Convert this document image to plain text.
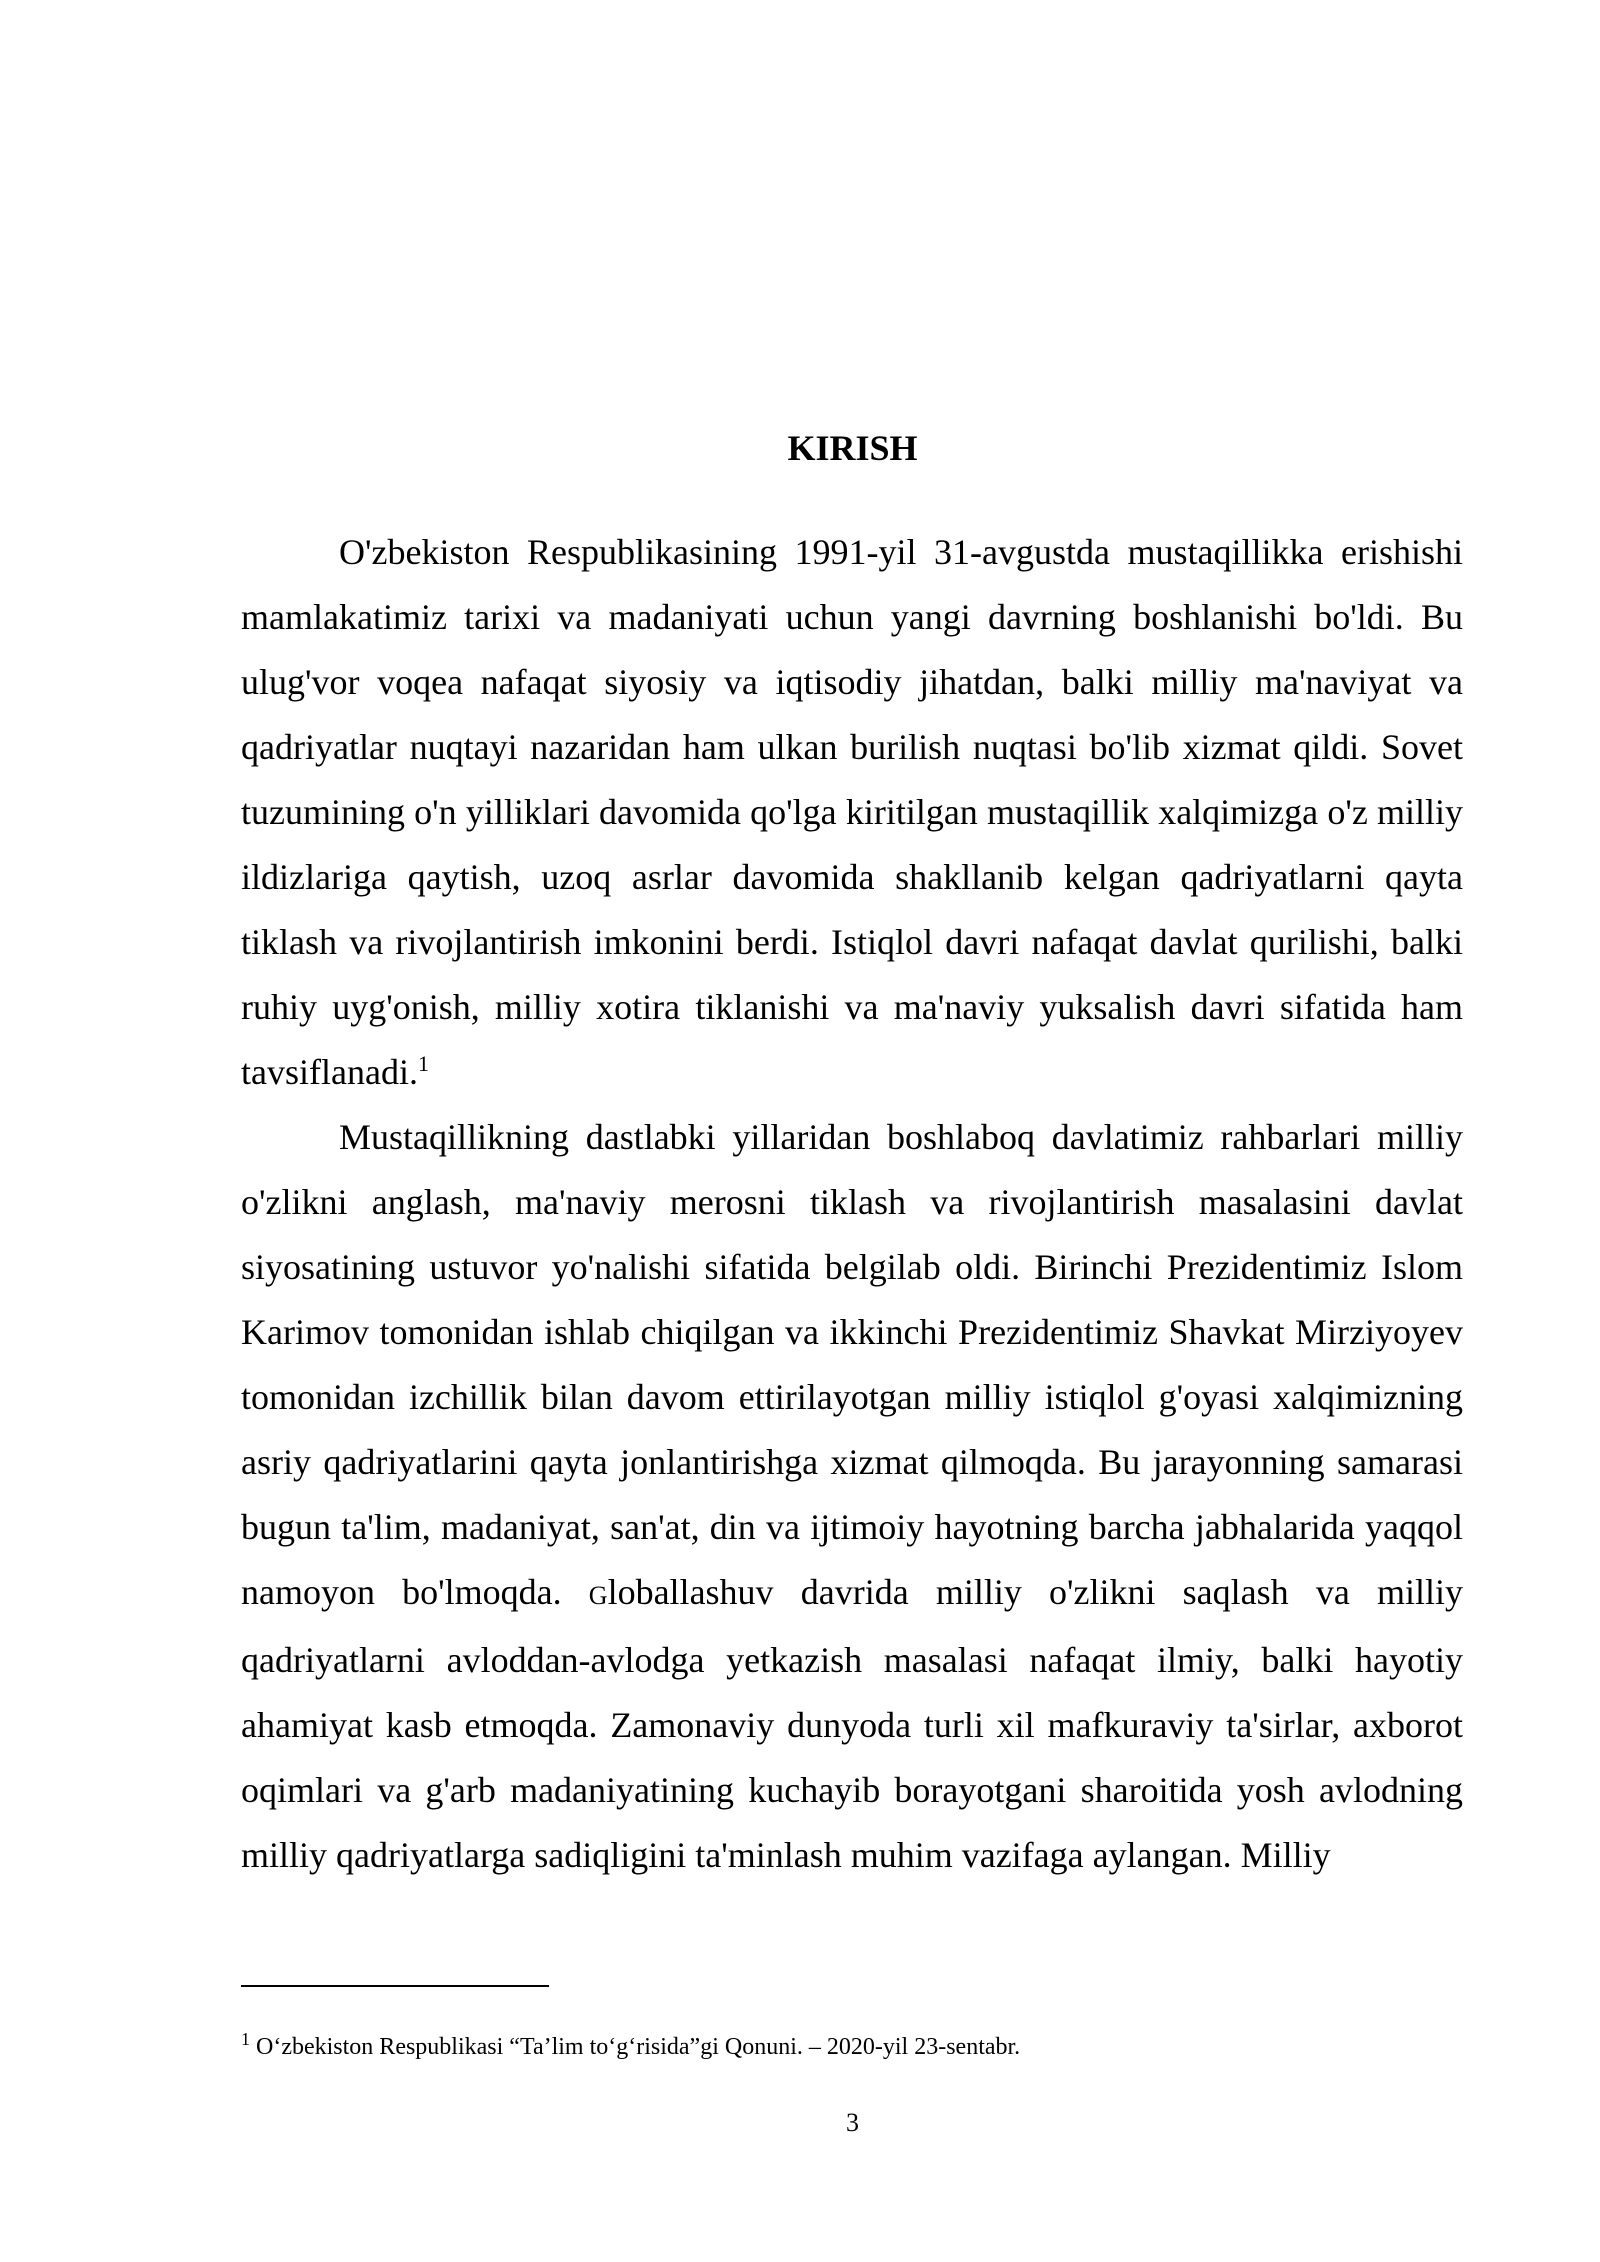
KIRISH

O'zbekiston Respublikasining 1991-yil 31-avgustda mustaqillikka erishishi mamlakatimiz tarixi va madaniyati uchun yangi davrning boshlanishi bo'ldi. Bu ulug'vor voqea nafaqat siyosiy va iqtisodiy jihatdan, balki milliy ma'naviyat va qadriyatlar nuqtayi nazaridan ham ulkan burilish nuqtasi bo'lib xizmat qildi. Sovet tuzumining o'n yilliklari davomida qo'lga kiritilgan mustaqillik xalqimizga o'z milliy ildizlariga qaytish, uzoq asrlar davomida shakllanib kelgan qadriyatlarni qayta tiklash va rivojlantirish imkonini berdi. Istiqlol davri nafaqat davlat qurilishi, balki ruhiy uyg'onish, milliy xotira tiklanishi va ma'naviy yuksalish davri sifatida ham tavsiflanadi.$^1$

Mustaqillikning dastlabki yillaridan boshlaboq davlatimiz rahbarlari milliy o'zlikni anglash, ma'naviy merosni tiklash va rivojlantirish masalasini davlat siyosatining ustuvor yo'nalishi sifatida belgilab oldi. Birinchi Prezidentimiz Islom Karimov tomonidan ishlab chiqilgan va ikkinchi Prezidentimiz Shavkat Mirziyoyev tomonidan izchillik bilan davom ettirilayotgan milliy istiqlol g'oyasi xalqimizning asriy qadriyatlarini qayta jonlantirishga xizmat qilmoqda. Bu jarayonning samarasi bugun ta'lim, madaniyat, san'at, din va ijtimoiy hayotning barcha jabhalarida yaqqol namoyon bo'lmoqda. Globallashuv davrida milliy o'zlikni saqlash va milliy qadriyatlarni avloddan-avlodga yetkazish masalasi nafaqat ilmiy, balki hayotiy ahamiyat kasb etmoqda. Zamonaviy dunyoda turli xil mafkuraviy ta'sirlar, axborot oqimlari va g'arb madaniyatining kuchayib borayotgani sharoitida yosh avlodning milliy qadriyatlarga sadiqligini ta'minlash muhim vazifaga aylangan. Milliy

$^1$ O‘zbekiston Respublikasi “Ta’lim to‘g‘risida”gi Qonuni. – 2020-yil 23-sentabr.

3
